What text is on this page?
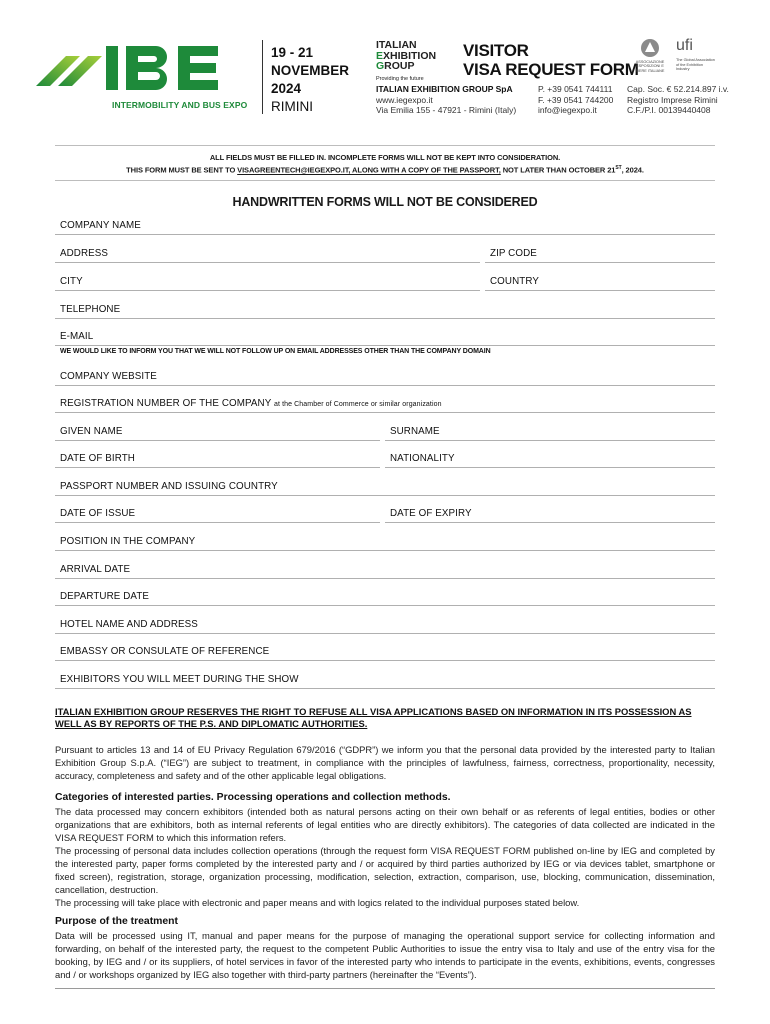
INTERMOBILITY AND BUS EXPO
19 - 21
NOVEMBER
2024
RIMINI
ITALIAN
EXHIBITION
GROUP
Providing the future
VISITOR
VISA REQUEST FORM
ITALIAN EXHIBITION GROUP SpA
www.iegexpo.it
Via Emilia 155 - 47921 - Rimini (Italy)
P. +39 0541 744111
F. +39 0541 744200
info@iegexpo.it
Cap. Soc. € 52.214.897 i.v.
Registro Imprese Rimini
C.F./P.I. 00139440408
ASSOCIAZIONE ESPOSIZIONI E FIERE ITALIANE
ufi
The Global Association of the Exhibition Industry
ALL FIELDS MUST BE FILLED IN. INCOMPLETE FORMS WILL NOT BE KEPT INTO CONSIDERATION.
THIS FORM MUST BE SENT TO VISAGREENTECH@IEGEXPO.IT, ALONG WITH A COPY OF THE PASSPORT, NOT LATER THAN OCTOBER 21ST, 2024.
HANDWRITTEN FORMS WILL NOT BE CONSIDERED
COMPANY NAME
ADDRESS	ZIP CODE
CITY	COUNTRY
TELEPHONE
E-MAIL
WE WOULD LIKE TO INFORM YOU THAT WE WILL NOT FOLLOW UP ON EMAIL ADDRESSES OTHER THAN THE COMPANY DOMAIN
COMPANY WEBSITE
REGISTRATION NUMBER OF THE COMPANY at the Chamber of Commerce or similar organization
GIVEN NAME	SURNAME
DATE OF BIRTH	NATIONALITY
PASSPORT NUMBER AND ISSUING COUNTRY
DATE OF ISSUE	DATE OF EXPIRY
POSITION IN THE COMPANY
ARRIVAL DATE
DEPARTURE DATE
HOTEL NAME AND ADDRESS
EMBASSY OR CONSULATE OF REFERENCE
EXHIBITORS YOU WILL MEET DURING THE SHOW
ITALIAN EXHIBITION GROUP RESERVES THE RIGHT TO REFUSE ALL VISA APPLICATIONS BASED ON INFORMATION IN ITS POSSESSION AS WELL AS BY REPORTS OF THE P.S. AND DIPLOMATIC AUTHORITIES.
Pursuant to articles 13 and 14 of EU Privacy Regulation 679/2016 (“GDPR”) we inform you that the personal data provided by the interested party to Italian Exhibition Group S.p.A. (“IEG”) are subject to treatment, in compliance with the principles of lawfulness, fairness, correctness, proportionality, necessity, accuracy, completeness and safety and of the other applicable legal obligations.
Categories of interested parties. Processing operations and collection methods.
The data processed may concern exhibitors (intended both as natural persons acting on their own behalf or as referents of legal entities, bodies or other organizations that are exhibitors, both as internal referents of legal entities who are directly exhibitors). The categories of data collected are indicated in the VISA REQUEST FORM to which this information refers.
The processing of personal data includes collection operations (through the request form VISA REQUEST FORM published on-line by IEG and completed by the interested party, paper forms completed by the interested party and / or acquired by third parties authorized by IEG or via devices tablet, smartphone or fixed screen), registration, storage, organization processing, modification, selection, extraction, comparison, use, blocking, communication, dissemination, cancellation, destruction.
The processing will take place with electronic and paper means and with logics related to the individual purposes stated below.
Purpose of the treatment
Data will be processed using IT, manual and paper means for the purpose of managing the operational support service for collecting information and forwarding, on behalf of the interested party, the request to the competent Public Authorities to issue the entry visa to Italy and use of the entry visa for the booking, by IEG and / or its suppliers, of hotel services in favor of the interested party who intends to participate in the events, exhibitions, events, congresses and / or workshops organized by IEG also together with third-party partners (hereinafter the “Events”).
